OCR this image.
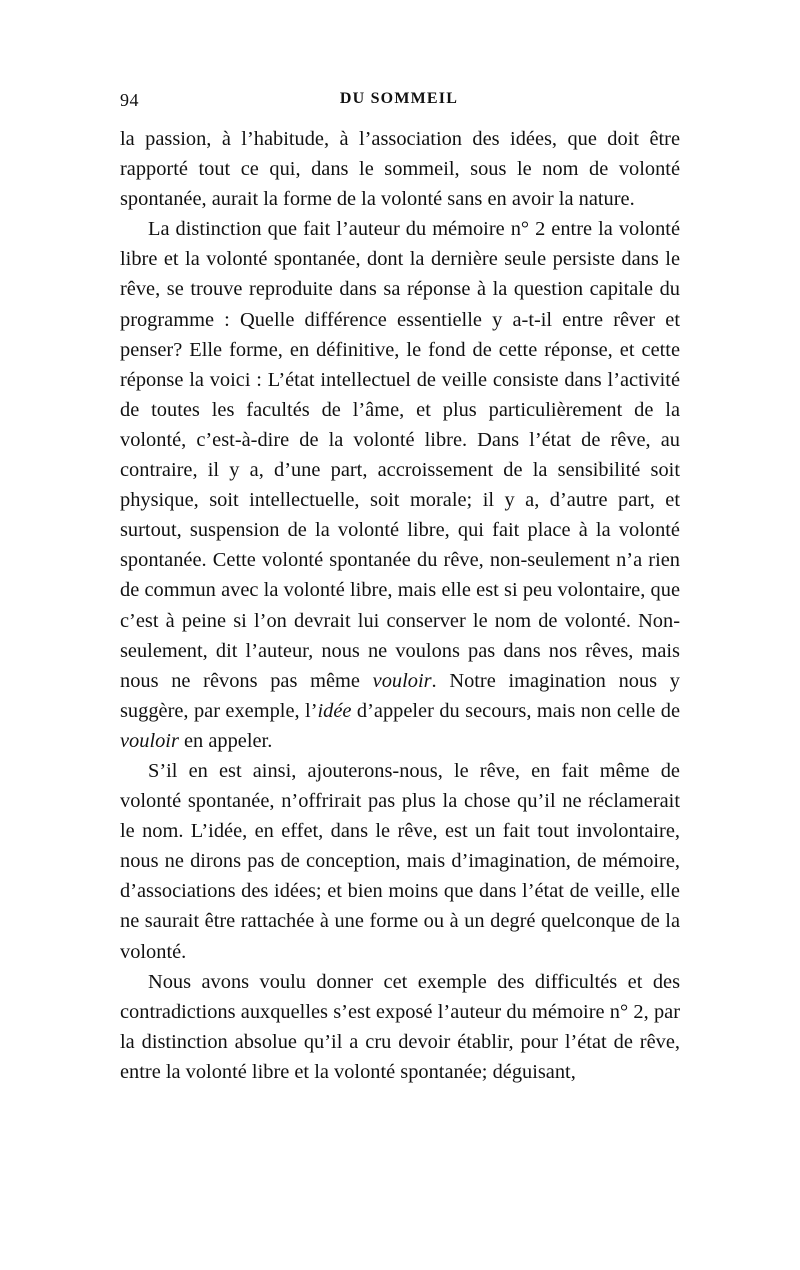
94	DU SOMMEIL

la passion, à l’habitude, à l’association des idées, que doit être rapporté tout ce qui, dans le sommeil, sous le nom de volonté spontanée, aurait la forme de la volonté sans en avoir la nature.

La distinction que fait l’auteur du mémoire n° 2 entre la volonté libre et la volonté spontanée, dont la dernière seule persiste dans le rêve, se trouve reproduite dans sa réponse à la question capitale du programme : Quelle différence essentielle y a-t-il entre rêver et penser? Elle forme, en définitive, le fond de cette réponse, et cette réponse la voici : L’état intellectuel de veille consiste dans l’activité de toutes les facultés de l’âme, et plus particulièrement de la volonté, c’est-à-dire de la volonté libre. Dans l’état de rêve, au contraire, il y a, d’une part, accroissement de la sensibilité soit physique, soit intellectuelle, soit morale; il y a, d’autre part, et surtout, suspension de la volonté libre, qui fait place à la volonté spontanée. Cette volonté spontanée du rêve, non-seulement n’a rien de commun avec la volonté libre, mais elle est si peu volontaire, que c’est à peine si l’on devrait lui conserver le nom de volonté. Non-seulement, dit l’auteur, nous ne voulons pas dans nos rêves, mais nous ne rêvons pas même vouloir. Notre imagination nous y suggère, par exemple, l’idée d’appeler du secours, mais non celle de vouloir en appeler.

S’il en est ainsi, ajouterons-nous, le rêve, en fait même de volonté spontanée, n’offrirait pas plus la chose qu’il ne réclamerait le nom. L’idée, en effet, dans le rêve, est un fait tout involontaire, nous ne dirons pas de conception, mais d’imagination, de mémoire, d’associations des idées; et bien moins que dans l’état de veille, elle ne saurait être rattachée à une forme ou à un degré quelconque de la volonté.

Nous avons voulu donner cet exemple des difficultés et des contradictions auxquelles s’est exposé l’auteur du mémoire n° 2, par la distinction absolue qu’il a cru devoir établir, pour l’état de rêve, entre la volonté libre et la volonté spontanée; déguisant,
